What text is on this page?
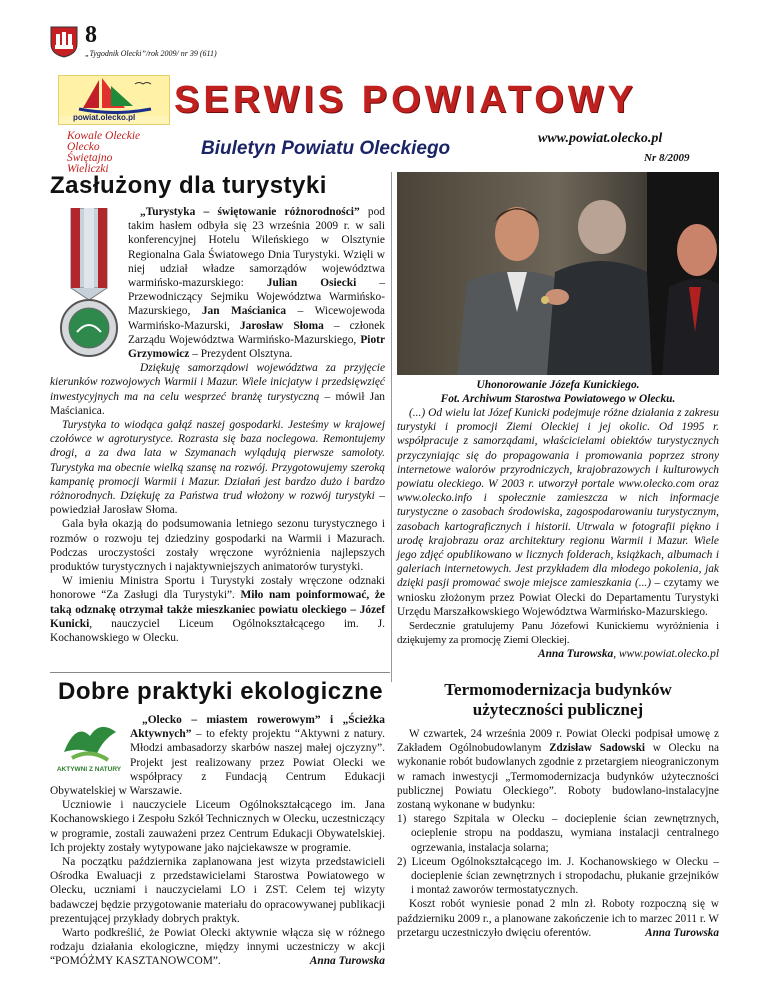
8
„Tygodnik Olecki”/rok 2009/ nr 39 (611)
powiat.olecko.pl SERWIS POWIATOWY
Kowale Oleckie
Olecko
Świętajno
Wieliczki
Biuletyn Powiatu Oleckiego	www.powiat.olecko.pl
Nr 8/2009
Zasłużony dla turystyki

„Turystyka – świętowanie różnorodności” pod takim hasłem odbyła się 23 września 2009 r. w sali konferencyjnej Hotelu Wileńskiego w Olsztynie Regionalna Gala Światowego Dnia Turystyki. Wzięli w niej udział władze samorządów województwa warmińsko-mazurskiego: Julian Osiecki – Przewodniczący Sejmiku Województwa Warmińsko-Mazurskiego, Jan Maścianica – Wicewojewoda Warmińsko-Mazurski, Jarosław Słoma – członek Zarządu Województwa Warmińsko-Mazurskiego, Piotr Grzymowicz – Prezydent Olsztyna.

Dziękuję samorządowi województwa za przyjęcie kierunków rozwojowych Warmii i Mazur. Wiele inicjatyw i przedsięwzięć inwestycyjnych ma na celu wesprzeć branżę turystyczną – mówił Jan Maścianica.

Turystyka to wiodąca gałąź naszej gospodarki. Jesteśmy w krajowej czołówce w agroturystyce. Rozrasta się baza noclegowa. Remontujemy drogi, a za dwa lata w Szymanach wylądują pierwsze samoloty. Turystyka ma obecnie wielką szansę na rozwój. Przygotowujemy szeroką kampanię promocji Warmii i Mazur. Działań jest bardzo dużo i bardzo różnorodnych. Dziękuję za Państwa trud włożony w rozwój turystyki – powiedział Jarosław Słoma.

Gala była okazją do podsumowania letniego sezonu turystycznego i rozmów o rozwoju tej dziedziny gospodarki na Warmii i Mazurach. Podczas uroczystości zostały wręczone wyróżnienia najlepszych produktów turystycznych i najaktywniejszych animatorów turystyki.

W imieniu Ministra Sportu i Turystyki zostały wręczone odznaki honorowe “Za Zasługi dla Turystyki”. Miło nam poinformować, że taką odznakę otrzymał także mieszkaniec powiatu oleckiego – Józef Kunicki, nauczyciel Liceum Ogólnokształcącego im. J. Kochanowskiego w Olecku.

Uhonorowanie Józefa Kunickiego.
Fot. Archiwum Starostwa Powiatowego w Olecku.

(...) Od wielu lat Józef Kunicki podejmuje różne działania z zakresu turystyki i promocji Ziemi Oleckiej i jej okolic. Od 1995 r. współpracuje z samorządami, właścicielami obiektów turystycznych przyczyniając się do propagowania i promowania poprzez strony internetowe walorów przyrodniczych, krajobrazowych i kulturowych powiatu oleckiego. W 2003 r. utworzył portale www.olecko.com oraz www.olecko.info i społecznie zamieszcza w nich informacje turystyczne o zasobach środowiska, zagospodarowaniu turystycznym, zasobach kartograficznych i historii. Utrwala w fotografii piękno i urodę krajobrazu oraz architektury regionu Warmii i Mazur. Wiele jego zdjęć opublikowano w licznych folderach, książkach, albumach i galeriach internetowych. Jest przykładem dla młodego pokolenia, jak dzięki pasji promować swoje miejsce zamieszkania (...) – czytamy we wniosku złożonym przez Powiat Olecki do Departamentu Turystyki Urzędu Marszałkowskiego Województwa Warmińsko-Mazurskiego.

Serdecznie gratulujemy Panu Józefowi Kunickiemu wyróżnienia i dziękujemy za promocję Ziemi Oleckiej.

Anna Turowska, www.powiat.olecko.pl

Dobre praktyki ekologiczne
AKTYWNI Z NATURY

„Olecko – miastem rowerowym” i „Ścieżka Aktywnych” – to efekty projektu “Aktywni z natury. Młodzi ambasadorzy skarbów naszej małej ojczyzny”. Projekt jest realizowany przez Powiat Olecki we współpracy z Fundacją Centrum Edukacji Obywatelskiej w Warszawie.

Uczniowie i nauczyciele Liceum Ogólnokształcącego im. Jana Kochanowskiego i Zespołu Szkół Technicznych w Olecku, uczestniczący w programie, zostali zauważeni przez Centrum Edukacji Obywatelskiej. Ich projekty zostały wytypowane jako najciekawsze w programie.

Na początku października zaplanowana jest wizyta przedstawicieli Ośrodka Ewaluacji z przedstawicielami Starostwa Powiatowego w Olecku, uczniami i nauczycielami LO i ZST. Celem tej wizyty badawczej będzie przygotowanie materiału do opracowywanej publikacji prezentującej przykłady dobrych praktyk.

Warto podkreślić, że Powiat Olecki aktywnie włącza się w różnego rodzaju działania ekologiczne, między innymi uczestniczy w akcji “POMÓŻMY KASZTANOWCOM”.	Anna Turowska

Termomodernizacja budynków
użyteczności publicznej

W czwartek, 24 września 2009 r. Powiat Olecki podpisał umowę z Zakładem Ogólnobudowlanym Zdzisław Sadowski w Olecku na wykonanie robót budowlanych zgodnie z przetargiem nieograniczonym w ramach inwestycji „Termomodernizacja budynków użyteczności publicznej Powiatu Oleckiego”. Roboty budowlano-instalacyjne zostaną wykonane w budynku:

1) starego Szpitala w Olecku – docieplenie ścian zewnętrznych, ocieplenie stropu na poddaszu, wymiana instalacji centralnego ogrzewania, instalacja solarna;

2) Liceum Ogólnokształcącego im. J. Kochanowskiego w Olecku – docieplenie ścian zewnętrznych i stropodachu, płukanie grzejników i montaż zaworów termostatycznych.

Koszt robót wyniesie ponad 2 mln zł. Roboty rozpoczną się w październiku 2009 r., a planowane zakończenie ich to marzec 2011 r. W przetargu uczestniczyło dwięciu oferentów.	Anna Turowska
